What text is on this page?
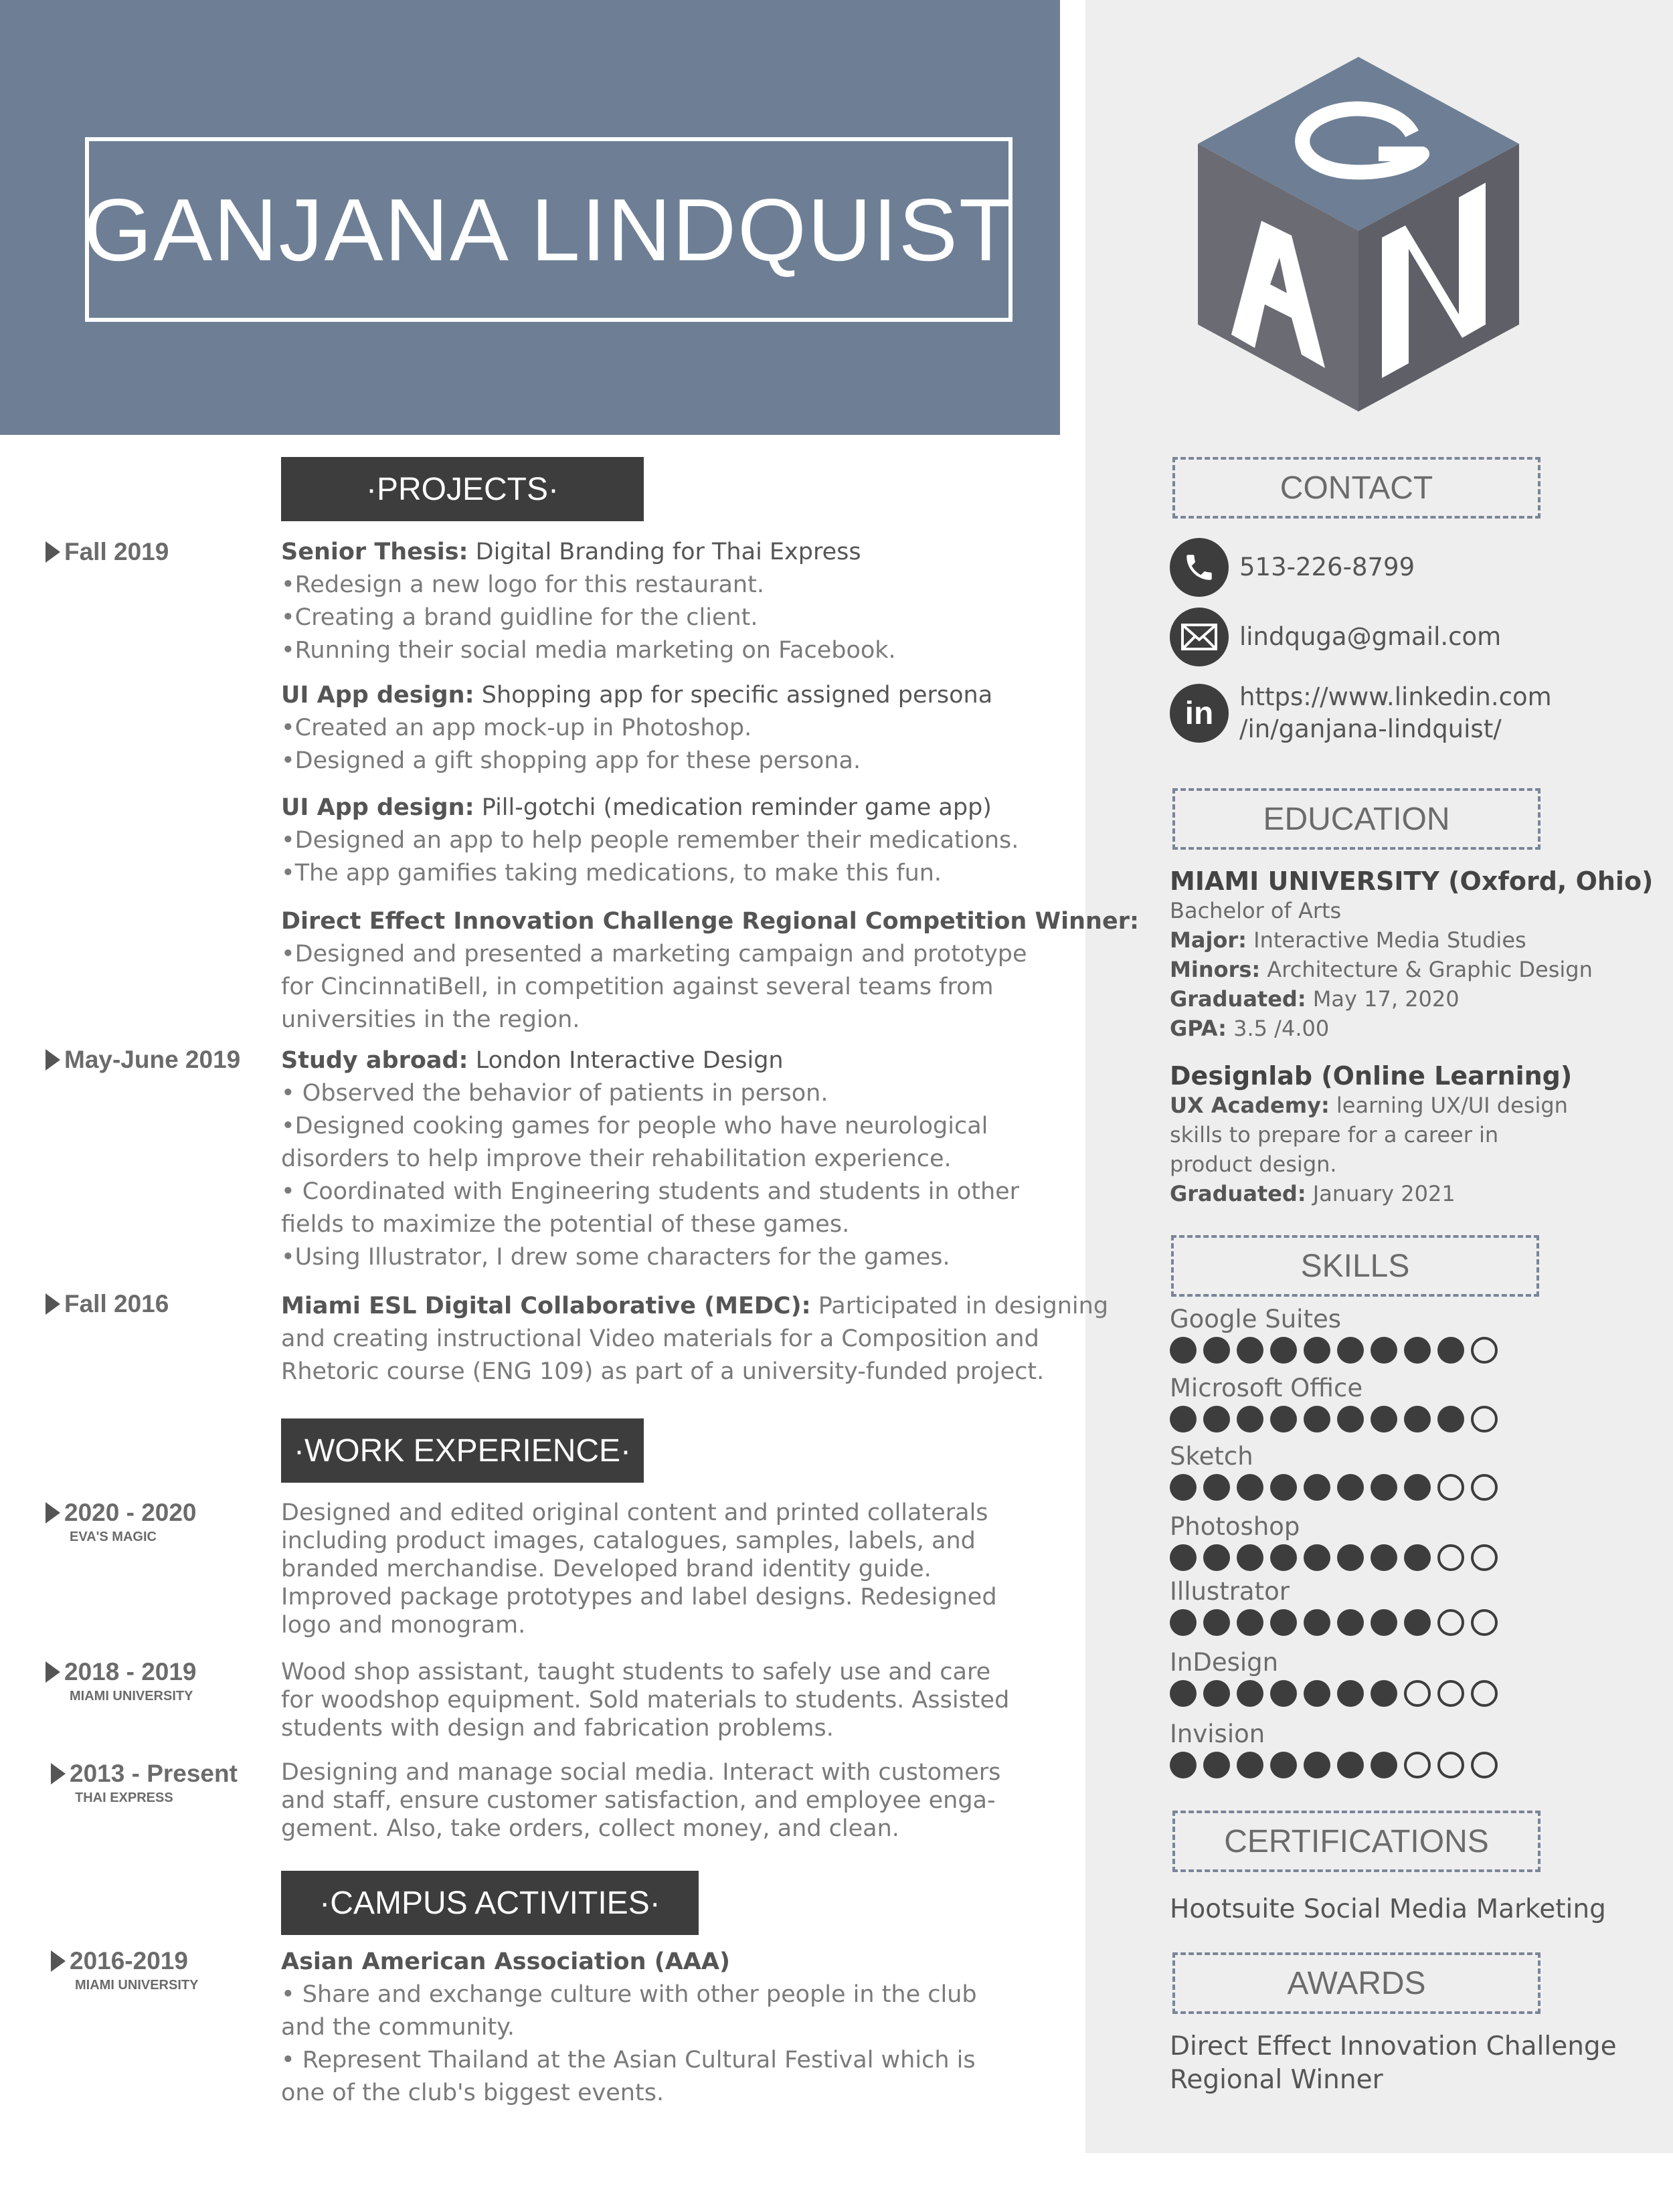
GANJANA LINDQUIST
·PROJECTS·
Fall 2019	Senior Thesis: Digital Branding for Thai Express

•Redesign a new logo for this restaurant.

•Creating a brand guidline for the client.

•Running their social media marketing on Facebook.

UI App design: Shopping app for specific assigned persona

•Created an app mock-up in Photoshop.

•Designed a gift shopping app for these persona.

UI App design: Pill-gotchi (medication reminder game app)

•Designed an app to help people remember their medications.

•The app gamifies taking medications, to make this fun.

Direct Effect Innovation Challenge Regional Competition Winner:

•Designed and presented a marketing campaign and prototype

for CincinnatiBell, in competition against several teams from

universities in the region.

May-June 2019 Study abroad: London Interactive Design

• Observed the behavior of patients in person.

•Designed cooking games for people who have neurological

disorders to help improve their rehabilitation experience.

• Coordinated with Engineering students and students in other

fields to maximize the potential of these games.

•Using Illustrator, I drew some characters for the games.

Fall 2016	Miami ESL Digital Collaborative (MEDC): Participated in designing

and creating instructional Video materials for a Composition and

Rhetoric course (ENG 109) as part of a university-funded project.

·WORK EXPERIENCE·
2020 - 2020
EVA'S MAGIC

Designed and edited original content and printed collaterals

including product images, catalogues, samples, labels, and

branded merchandise. Developed brand identity guide.

Improved package prototypes and label designs. Redesigned

logo and monogram.

2018 - 2019
MIAMI UNIVERSITY

Wood shop assistant, taught students to safely use and care

for woodshop equipment. Sold materials to students. Assisted

students with design and fabrication problems.

2013 - Present
THAI EXPRESS

Designing and manage social media. Interact with customers

and staff, ensure customer satisfaction, and employee enga-

gement. Also, take orders, collect money, and clean.

·CAMPUS ACTIVITIES·
2016-2019
MIAMI UNIVERSITY
Asian American Association (AAA)

• Share and exchange culture with other people in the club

and the community.

• Represent Thailand at the Asian Cultural Festival which is

one of the club's biggest events.

CONTACT
513-226-8799
lindquga@gmail.com
in https://www.linkedin.com
/in/ganjana-lindquist/
EDUCATION

MIAMI UNIVERSITY (Oxford, Ohio)

Bachelor of Arts

Major: Interactive Media Studies

Minors: Architecture & Graphic Design

Graduated: May 17, 2020

GPA: 3.5 /4.00

Designlab (Online Learning)

UX Academy: learning UX/UI design

skills to prepare for a career in

product design.

Graduated: January 2021

SKILLS
Google Suites
Microsoft Office
Sketch
Photoshop
Illustrator
InDesign
Invision
CERTIFICATIONS
Hootsuite Social Media Marketing
AWARDS
Direct Effect Innovation Challenge
Regional Winner
